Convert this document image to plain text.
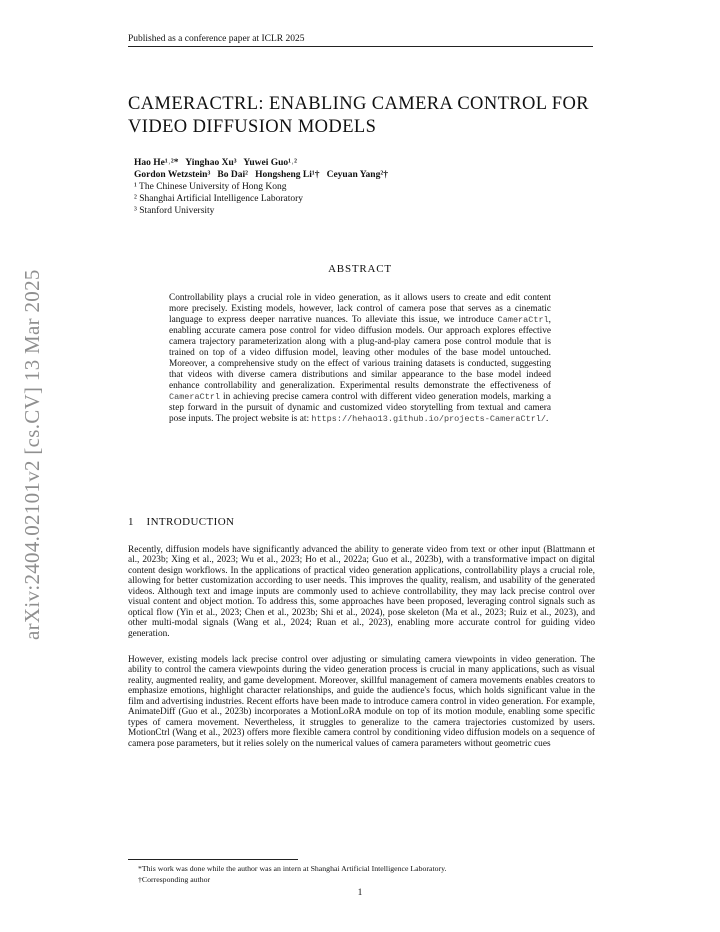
Published as a conference paper at ICLR 2025
arXiv:2404.02101v2 [cs.CV] 13 Mar 2025
CAMERACTRL: ENABLING CAMERA CONTROL FOR VIDEO DIFFUSION MODELS
Hao He¹˒²*   Yinghao Xu³   Yuwei Guo¹˒²
Gordon Wetzstein³   Bo Dai²   Hongsheng Li¹†   Ceyuan Yang²†
¹ The Chinese University of Hong Kong
² Shanghai Artificial Intelligence Laboratory
³ Stanford University
ABSTRACT
Controllability plays a crucial role in video generation, as it allows users to create and edit content more precisely. Existing models, however, lack control of camera pose that serves as a cinematic language to express deeper narrative nuances. To alleviate this issue, we introduce CameraCtrl, enabling accurate camera pose control for video diffusion models. Our approach explores effective camera trajectory parameterization along with a plug-and-play camera pose control module that is trained on top of a video diffusion model, leaving other modules of the base model untouched. Moreover, a comprehensive study on the effect of various training datasets is conducted, suggesting that videos with diverse camera distributions and similar appearance to the base model indeed enhance controllability and generalization. Experimental results demonstrate the effectiveness of CameraCtrl in achieving precise camera control with different video generation models, marking a step forward in the pursuit of dynamic and customized video storytelling from textual and camera pose inputs. The project website is at: https://hehao13.github.io/projects-CameraCtrl/.
1    INTRODUCTION
Recently, diffusion models have significantly advanced the ability to generate video from text or other input (Blattmann et al., 2023b; Xing et al., 2023; Wu et al., 2023; Ho et al., 2022a; Guo et al., 2023b), with a transformative impact on digital content design workflows. In the applications of practical video generation applications, controllability plays a crucial role, allowing for better customization according to user needs. This improves the quality, realism, and usability of the generated videos. Although text and image inputs are commonly used to achieve controllability, they may lack precise control over visual content and object motion. To address this, some approaches have been proposed, leveraging control signals such as optical flow (Yin et al., 2023; Chen et al., 2023b; Shi et al., 2024), pose skeleton (Ma et al., 2023; Ruiz et al., 2023), and other multi-modal signals (Wang et al., 2024; Ruan et al., 2023), enabling more accurate control for guiding video generation.
However, existing models lack precise control over adjusting or simulating camera viewpoints in video generation. The ability to control the camera viewpoints during the video generation process is crucial in many applications, such as visual reality, augmented reality, and game development. Moreover, skillful management of camera movements enables creators to emphasize emotions, highlight character relationships, and guide the audience's focus, which holds significant value in the film and advertising industries. Recent efforts have been made to introduce camera control in video generation. For example, AnimateDiff (Guo et al., 2023b) incorporates a MotionLoRA module on top of its motion module, enabling some specific types of camera movement. Nevertheless, it struggles to generalize to the camera trajectories customized by users. MotionCtrl (Wang et al., 2023) offers more flexible camera control by conditioning video diffusion models on a sequence of camera pose parameters, but it relies solely on the numerical values of camera parameters without geometric cues
*This work was done while the author was an intern at Shanghai Artificial Intelligence Laboratory.
†Corresponding author
1
